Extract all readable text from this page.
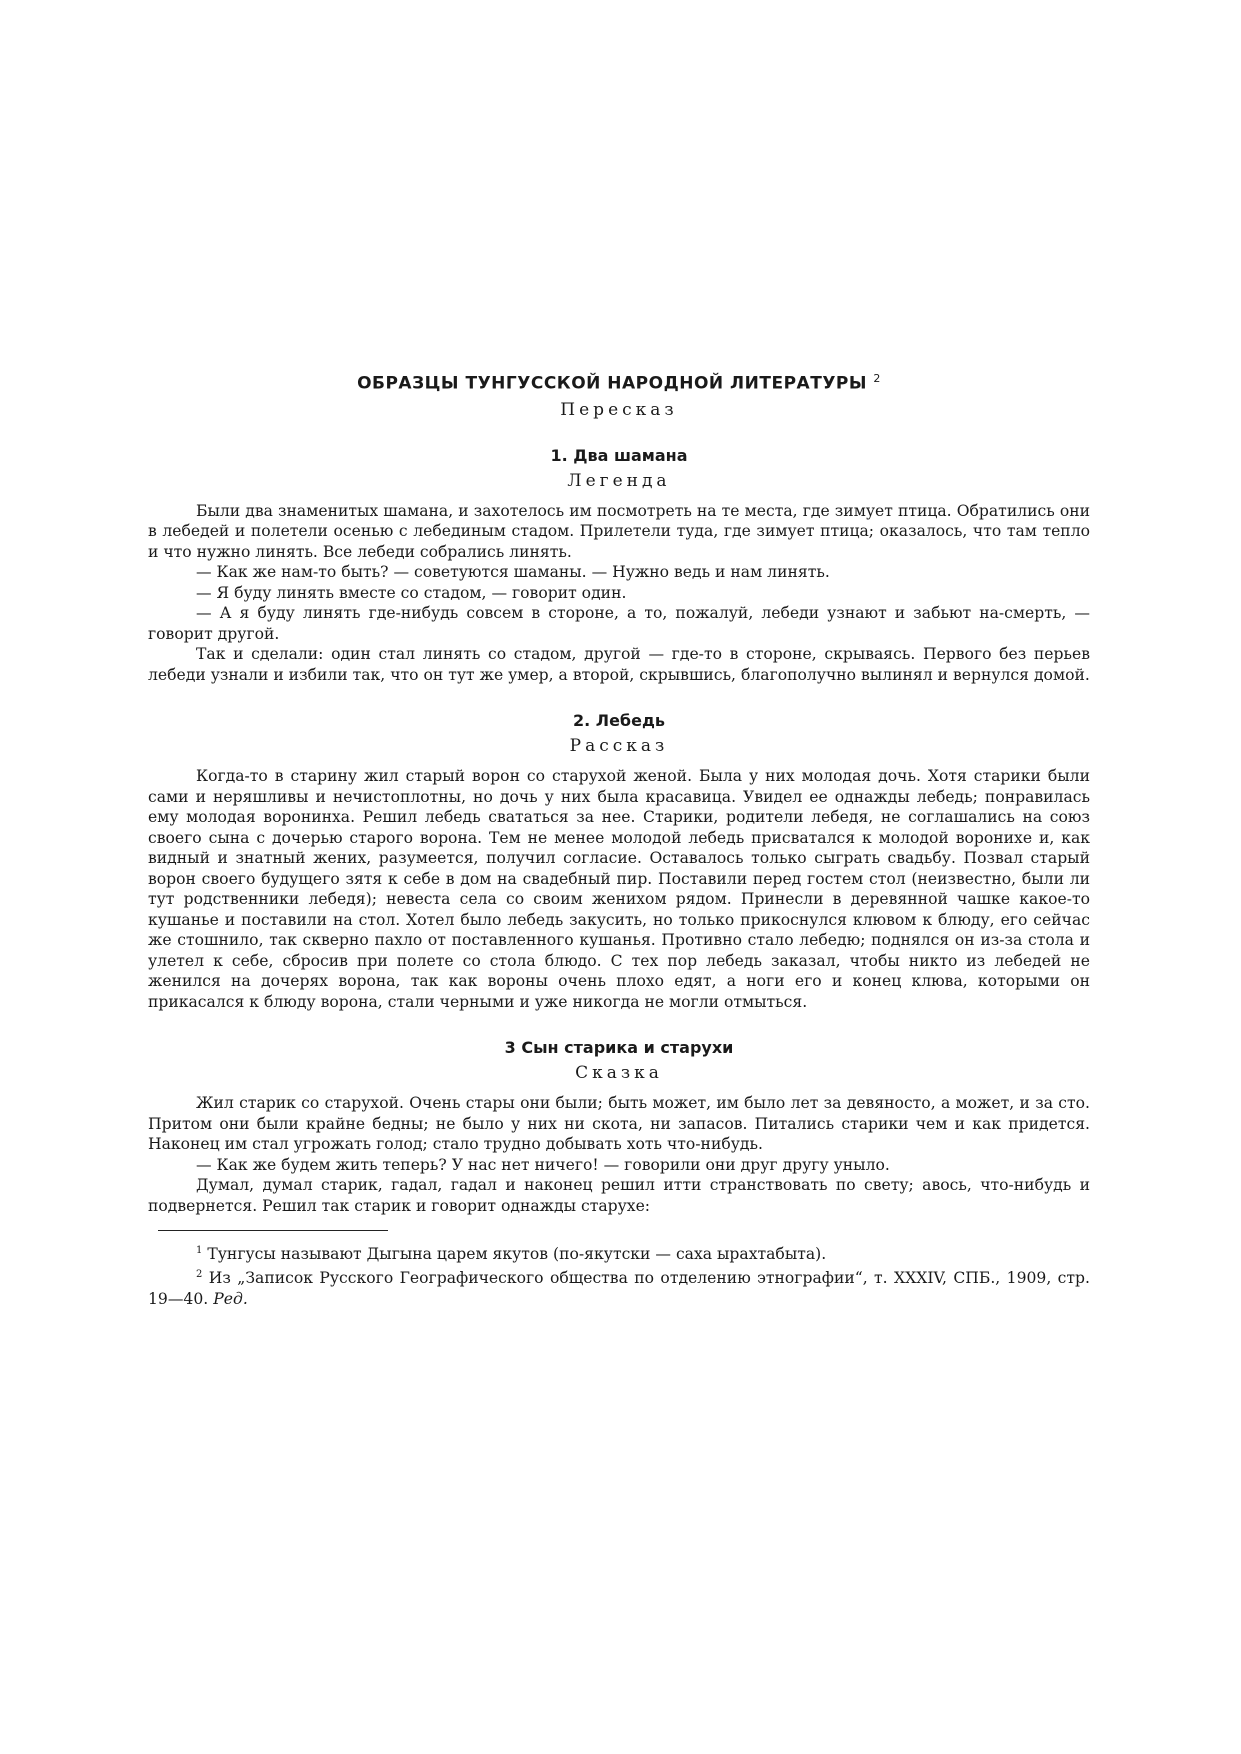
ОБРАЗЦЫ ТУНГУССКОЙ НАРОДНОЙ ЛИТЕРАТУРЫ $^2$
Пересказ
1. Два шамана
Легенда

Были два знаменитых шамана, и захотелось им посмотреть на те места, где зимует птица. Обратились они в лебедей и полетели осенью с лебединым стадом. Прилетели туда, где зимует птица; оказалось, что там тепло и что нужно линять. Все лебеди собрались линять.

— Как же нам-то быть? — советуются шаманы. — Нужно ведь и нам линять.

— Я буду линять вместе со стадом, — говорит один.

— А я буду линять где-нибудь совсем в стороне, а то, пожалуй, лебеди узнают и забьют на-смерть, — говорит другой.

Так и сделали: один стал линять со стадом, другой — где-то в стороне, скрываясь. Первого без перьев лебеди узнали и избили так, что он тут же умер, а второй, скрывшись, благополучно вылинял и вернулся домой.

2. Лебедь
Рассказ

Когда-то в старину жил старый ворон со старухой женой. Была у них молодая дочь. Хотя старики были сами и неряшливы и нечистоплотны, но дочь у них была красавица. Увидел ее однажды лебедь; понравилась ему молодая воронинха. Решил лебедь свататься за нее. Старики, родители лебедя, не соглашались на союз своего сына с дочерью старого ворона. Тем не менее молодой лебедь присватался к молодой воронихе и, как видный и знатный жених, разумеется, получил согласие. Оставалось только сыграть свадьбу. Позвал старый ворон своего будущего зятя к себе в дом на свадебный пир. Поставили перед гостем стол (неизвестно, были ли тут родственники лебедя); невеста села со своим женихом рядом. Принесли в деревянной чашке какое-то кушанье и поставили на стол. Хотел было лебедь закусить, но только прикоснулся клювом к блюду, его сейчас же стошнило, так скверно пахло от поставленного кушанья. Противно стало лебедю; поднялся он из-за стола и улетел к себе, сбросив при полете со стола блюдо. С тех пор лебедь заказал, чтобы никто из лебедей не женился на дочерях ворона, так как вороны очень плохо едят, а ноги его и конец клюва, которыми он прикасался к блюду ворона, стали черными и уже никогда не могли отмыться.

3 Сын старика и старухи
Сказка

Жил старик со старухой. Очень стары они были; быть может, им было лет за девяносто, а может, и за сто. Притом они были крайне бедны; не было у них ни скота, ни запасов. Питались старики чем и как придется. Наконец им стал угрожать голод; стало трудно добывать хоть что-нибудь.

— Как же будем жить теперь? У нас нет ничего! — говорили они друг другу уныло.

Думал, думал старик, гадал, гадал и наконец решил итти странствовать по свету; авось, что-нибудь и подвернется. Решил так старик и говорит однажды старухе:

$^1$ Тунгусы называют Дыгына царем якутов (по-якутски — саха ырахтабыта).

$^2$ Из „Записок Русского Географического общества по отделению этнографии“, т. XXXIV, СПБ., 1909, стр. 19—40. Ред.
